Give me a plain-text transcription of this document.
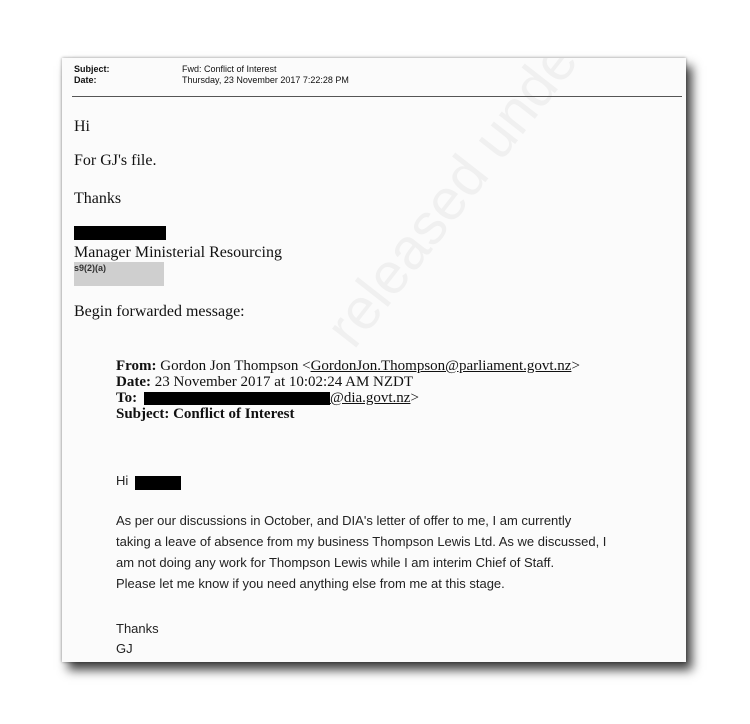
Subject:	Fwd: Conflict of Interest
Date:	Thursday, 23 November 2017 7:22:28 PM
Hi
For GJ's file.
Thanks
Manager Ministerial Resourcing
s9(2)(a)
Begin forwarded message:
From: Gordon Jon Thompson <GordonJon.Thompson@parliament.govt.nz>
Date: 23 November 2017 at 10:02:24 AM NZDT
To:	@dia.govt.nz>
Subject: Conflict of Interest
Hi
As per our discussions in October, and DIA's letter of offer to me, I am currently
taking a leave of absence from my business Thompson Lewis Ltd. As we discussed, I
am not doing any work for Thompson Lewis while I am interim Chief of Staff.
Please let me know if you need anything else from me at this stage.
Thanks
GJ
